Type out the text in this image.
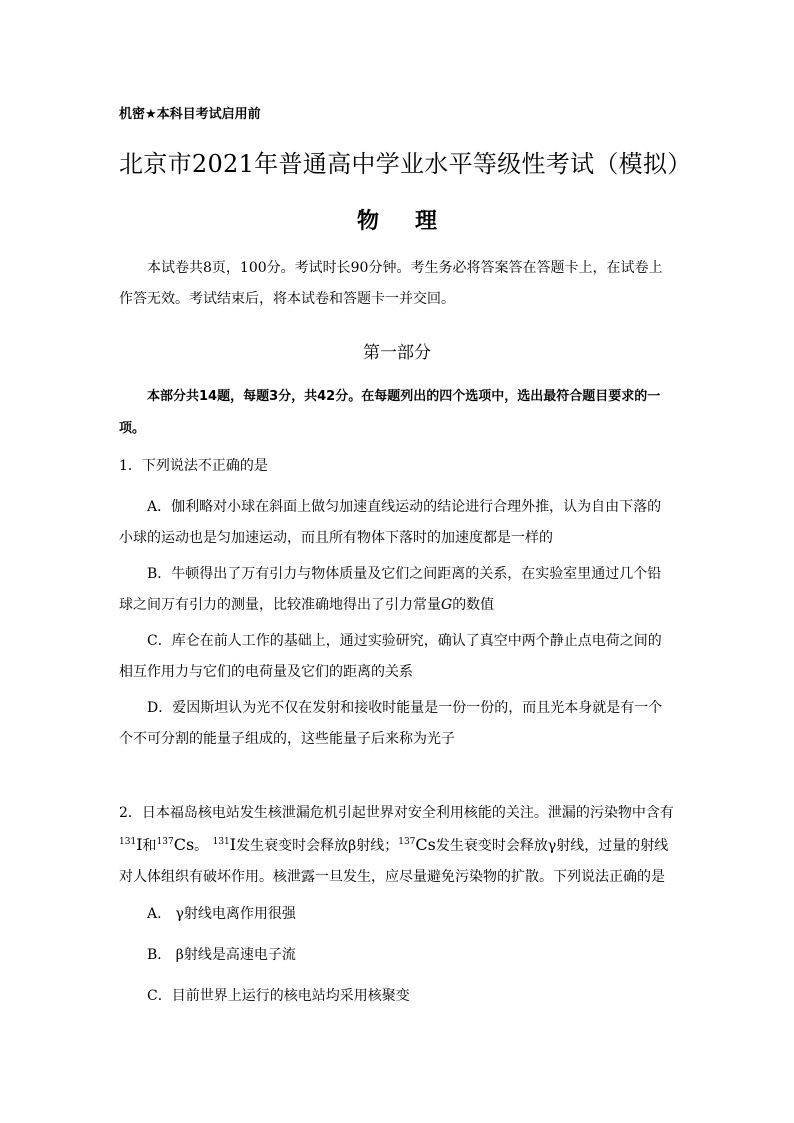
机密★本科目考试启用前
北京市2021年普通高中学业水平等级性考试（模拟）
物 理
本试卷共8页，100分。考试时长90分钟。考生务必将答案答在答题卡上，在试卷上作答无效。考试结束后，将本试卷和答题卡一并交回。
第一部分
本部分共14题，每题3分，共42分。在每题列出的四个选项中，选出最符合题目要求的一项。
1．下列说法不正确的是
A．伽利略对小球在斜面上做匀加速直线运动的结论进行合理外推，认为自由下落的小球的运动也是匀加速运动，而且所有物体下落时的加速度都是一样的
B．牛顿得出了万有引力与物体质量及它们之间距离的关系，在实验室里通过几个铅球之间万有引力的测量，比较准确地得出了引力常量G的数值
C．库仑在前人工作的基础上，通过实验研究，确认了真空中两个静止点电荷之间的相互作用力与它们的电荷量及它们的距离的关系
D．爱因斯坦认为光不仅在发射和接收时能量是一份一份的，而且光本身就是有一个个不可分割的能量子组成的，这些能量子后来称为光子
2．日本福岛核电站发生核泄漏危机引起世界对安全利用核能的关注。泄漏的污染物中含有$^{131}$I和$^{137}$Cs。 $^{131}$I发生衰变时会释放β射线；$^{137}$Cs发生衰变时会释放γ射线，过量的射线对人体组织有破坏作用。核泄露一旦发生，应尽量避免污染物的扩散。下列说法正确的是
A． γ射线电离作用很强
B． β射线是高速电子流
C．目前世界上运行的核电站均采用核聚变
